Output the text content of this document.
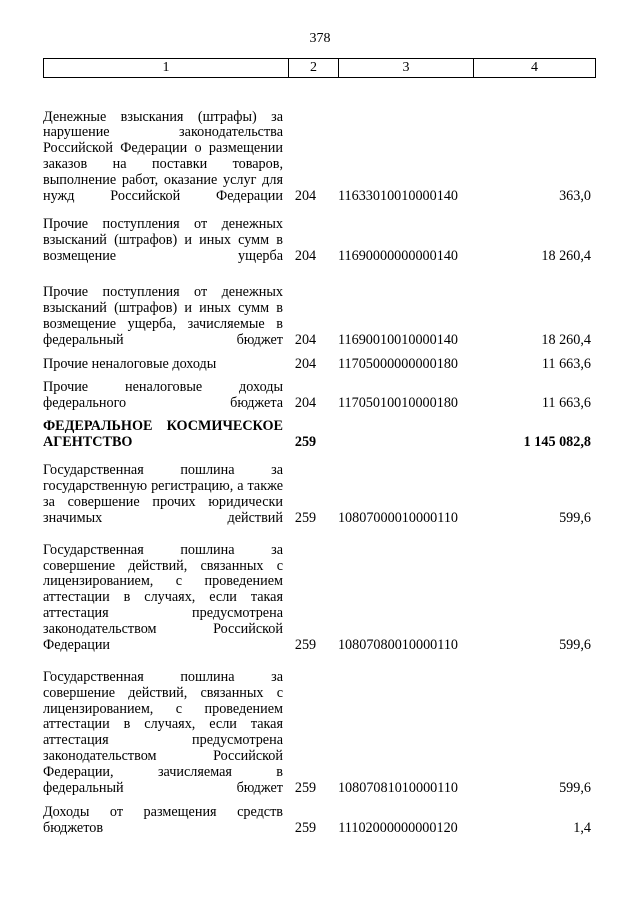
378
1	2	3	4
Денежные взыскания (штрафы) за нарушение законодательства Российской Федерации о размещении заказов на поставки товаров, выполнение работ, оказание услуг для нужд Российской Федерации 204	11633010010000140	363,0
Прочие поступления от денежных взысканий (штрафов) и иных сумм в возмещение ущерба 204	11690000000000140	18 260,4
Прочие поступления от денежных взысканий (штрафов) и иных сумм в возмещение ущерба, зачисляемые в федеральный бюджет 204	11690010010000140	18 260,4
Прочие неналоговые доходы	204	11705000000000180	11 663,6
Прочие неналоговые доходы федерального бюджета 204	11705010010000180	11 663,6
ФЕДЕРАЛЬНОЕ КОСМИЧЕСКОЕ АГЕНТСТВО	259	1 145 082,8
Государственная пошлина за государственную регистрацию, а также за совершение прочих юридически значимых действий 259	10807000010000110	599,6
Государственная пошлина за совершение действий, связанных с лицензированием, с проведением аттестации в случаях, если такая аттестация предусмотрена законодательством Российской Федерации	259	10807080010000110	599,6
Государственная пошлина за совершение действий, связанных с лицензированием, с проведением аттестации в случаях, если такая аттестация предусмотрена законодательством Российской Федерации, зачисляемая в федеральный бюджет 259	10807081010000110	599,6
Доходы от размещения средств бюджетов	259	11102000000000120	1,4
